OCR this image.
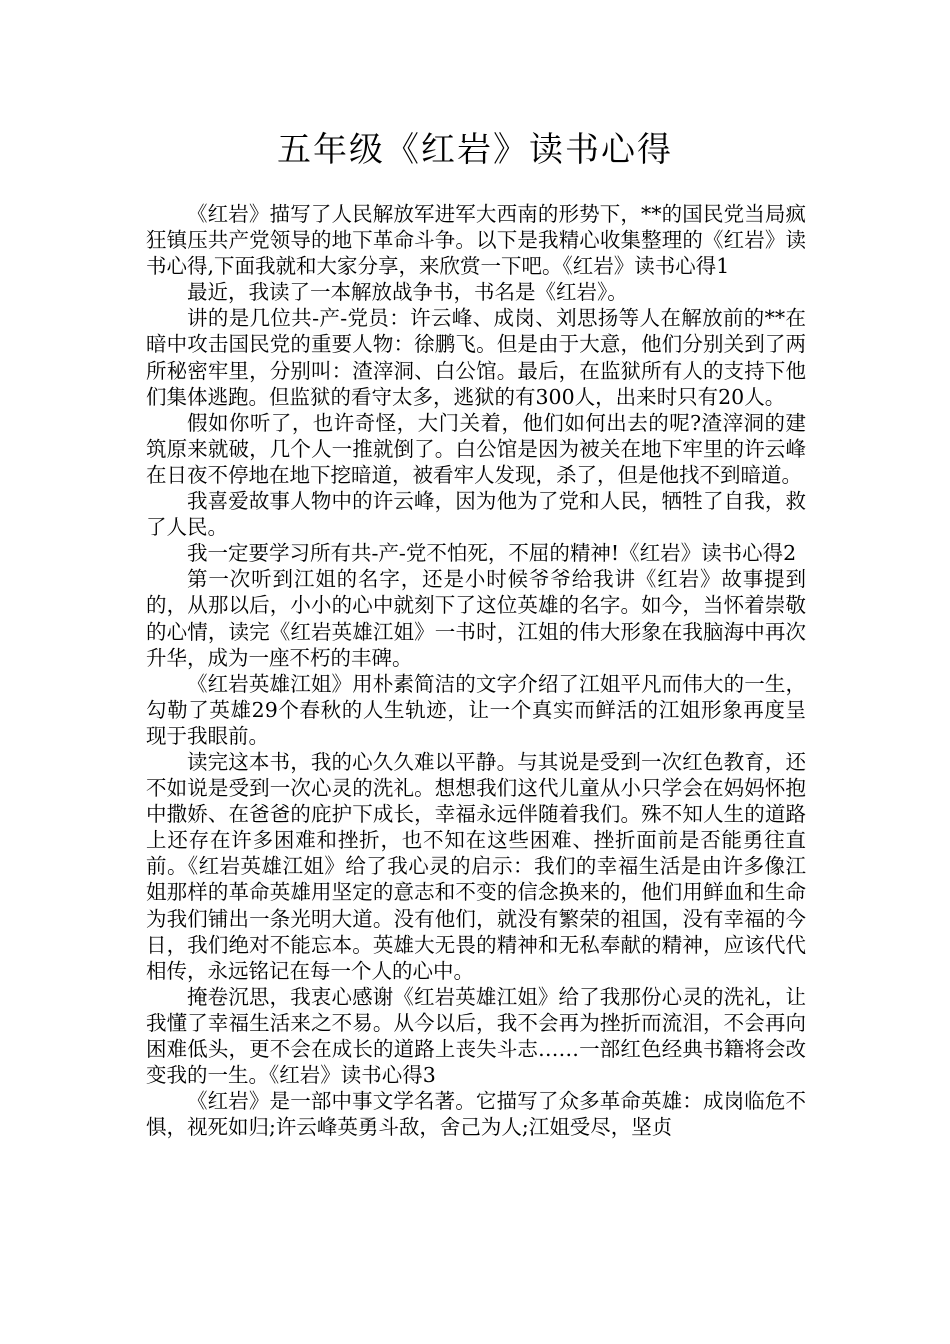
五年级《红岩》读书心得

《红岩》描写了人民解放军进军大西南的形势下，**的国民党当局疯狂镇压共产党领导的地下革命斗争。以下是我精心收集整理的《红岩》读书心得,下面我就和大家分享，来欣赏一下吧。《红岩》读书心得1

最近，我读了一本解放战争书，书名是《红岩》。

讲的是几位共-产-党员：许云峰、成岗、刘思扬等人在解放前的**在暗中攻击国民党的重要人物：徐鹏飞。但是由于大意，他们分别关到了两所秘密牢里，分别叫：渣滓洞、白公馆。最后，在监狱所有人的支持下他们集体逃跑。但监狱的看守太多，逃狱的有300人，出来时只有20人。

假如你听了，也许奇怪，大门关着，他们如何出去的呢?渣滓洞的建筑原来就破，几个人一推就倒了。白公馆是因为被关在地下牢里的许云峰在日夜不停地在地下挖暗道，被看牢人发现，杀了，但是他找不到暗道。

我喜爱故事人物中的许云峰，因为他为了党和人民，牺牲了自我，救了人民。

我一定要学习所有共-产-党不怕死，不屈的精神!《红岩》读书心得2

第一次听到江姐的名字，还是小时候爷爷给我讲《红岩》故事提到的，从那以后，小小的心中就刻下了这位英雄的名字。如今，当怀着崇敬的心情，读完《红岩英雄江姐》一书时，江姐的伟大形象在我脑海中再次升华，成为一座不朽的丰碑。

《红岩英雄江姐》用朴素简洁的文字介绍了江姐平凡而伟大的一生，勾勒了英雄29个春秋的人生轨迹，让一个真实而鲜活的江姐形象再度呈现于我眼前。

读完这本书，我的心久久难以平静。与其说是受到一次红色教育，还不如说是受到一次心灵的洗礼。想想我们这代儿童从小只学会在妈妈怀抱中撒娇、在爸爸的庇护下成长，幸福永远伴随着我们。殊不知人生的道路上还存在许多困难和挫折，也不知在这些困难、挫折面前是否能勇往直前。《红岩英雄江姐》给了我心灵的启示：我们的幸福生活是由许多像江姐那样的革命英雄用坚定的意志和不变的信念换来的，他们用鲜血和生命为我们铺出一条光明大道。没有他们，就没有繁荣的祖国，没有幸福的今日，我们绝对不能忘本。英雄大无畏的精神和无私奉献的精神，应该代代相传，永远铭记在每一个人的心中。

掩卷沉思，我衷心感谢《红岩英雄江姐》给了我那份心灵的洗礼，让我懂了幸福生活来之不易。从今以后，我不会再为挫折而流泪，不会再向困难低头，更不会在成长的道路上丧失斗志……一部红色经典书籍将会改变我的一生。《红岩》读书心得3

《红岩》是一部中事文学名著。它描写了众多革命英雄：成岗临危不惧，视死如归;许云峰英勇斗敌，舍己为人;江姐受尽，坚贞
